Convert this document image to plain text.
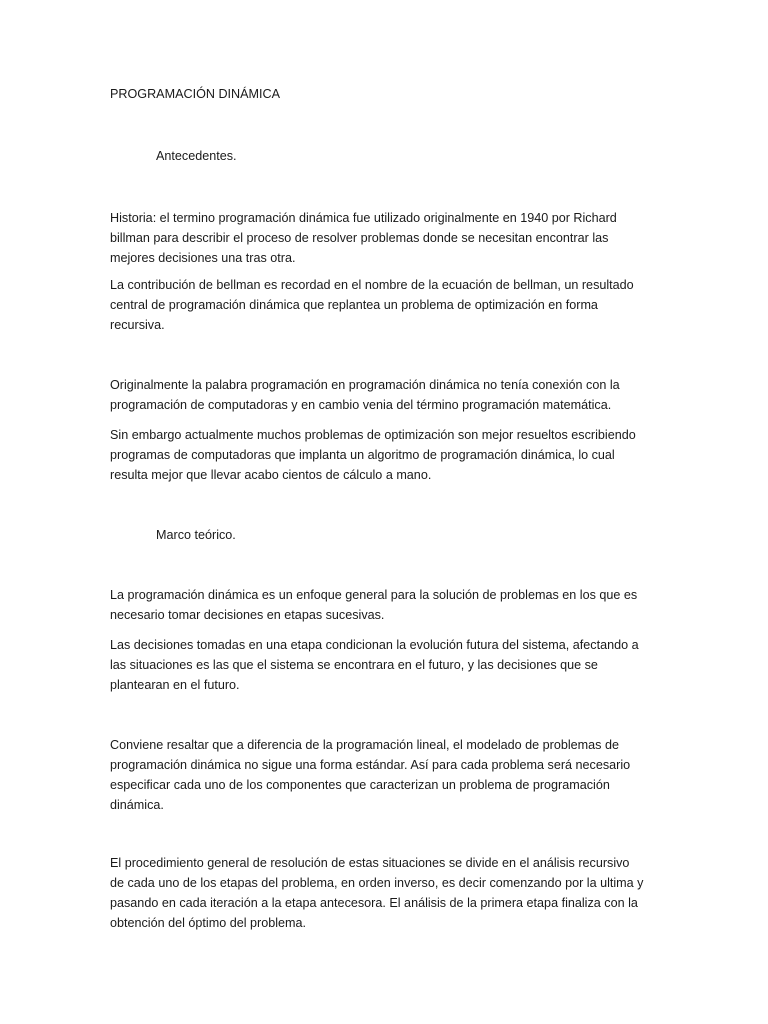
PROGRAMACIÓN DINÁMICA
Antecedentes.

Historia: el termino programación dinámica fue utilizado originalmente en 1940 por Richard
billman para describir el proceso de resolver problemas donde se necesitan encontrar las
mejores decisiones una tras otra.

La contribución de bellman es recordad en el nombre de la ecuación de bellman, un resultado
central de programación dinámica que replantea un problema de optimización en forma
recursiva.

Originalmente la palabra programación en programación dinámica no tenía conexión con la
programación de computadoras y en cambio venia del término programación matemática.

Sin embargo actualmente muchos problemas de optimización son mejor resueltos escribiendo
programas de computadoras que implanta un algoritmo de programación dinámica, lo cual
resulta mejor que llevar acabo cientos de cálculo a mano.

Marco teórico.

La programación dinámica es un enfoque general para la solución de problemas en los que es
necesario tomar decisiones en etapas sucesivas.

Las decisiones tomadas en una etapa condicionan la evolución futura del sistema, afectando a
las situaciones es las que el sistema se encontrara en el futuro, y las decisiones que se
plantearan en el futuro.

Conviene resaltar que a diferencia de la programación lineal, el modelado de problemas de
programación dinámica no sigue una forma estándar. Así para cada problema será necesario
especificar cada uno de los componentes que caracterizan un problema de programación
dinámica.

El procedimiento general de resolución de estas situaciones se divide en el análisis recursivo
de cada uno de los etapas del problema, en orden inverso, es decir comenzando por la ultima y
pasando en cada iteración a la etapa antecesora. El análisis de la primera etapa finaliza con la
obtención del óptimo del problema.
